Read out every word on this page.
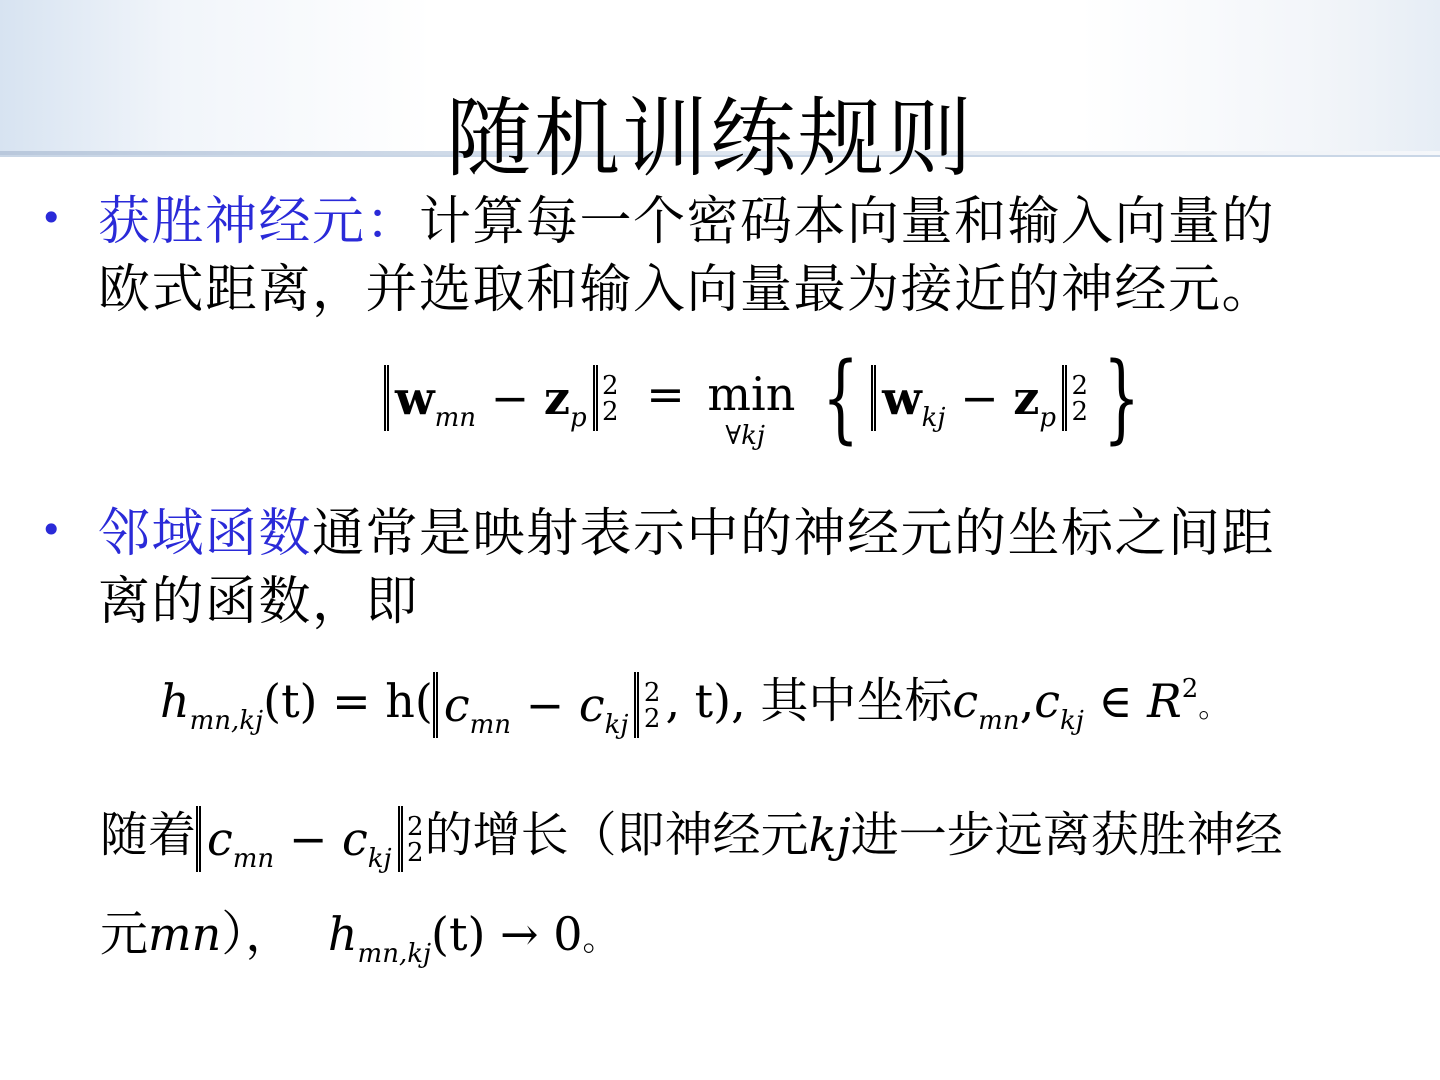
随机训练规则
• 获胜神经元：计算每一个密码本向量和输入向量的
欧式距离，并选取和输入向量最为接近的神经元。
$w_{mn} - z_p$
2
2 = min
∀kj { $w_{kj} - z_p$
2
2 }
• 邻域函数通常是映射表示中的神经元的坐标之间距
离的函数，即
$h_{mn,kj}(t) = h$( $c_{mn} - c_{kj}$
2
2 , t), 其中坐标$c_{mn},c_{kj}$ ∈ $R^2$。
随着 $c_{mn} - c_{kj}$
2
2 的增长（即神经元kj进一步远离获胜神经
元mn）， $h_{mn,kj}(t) \to 0$。
